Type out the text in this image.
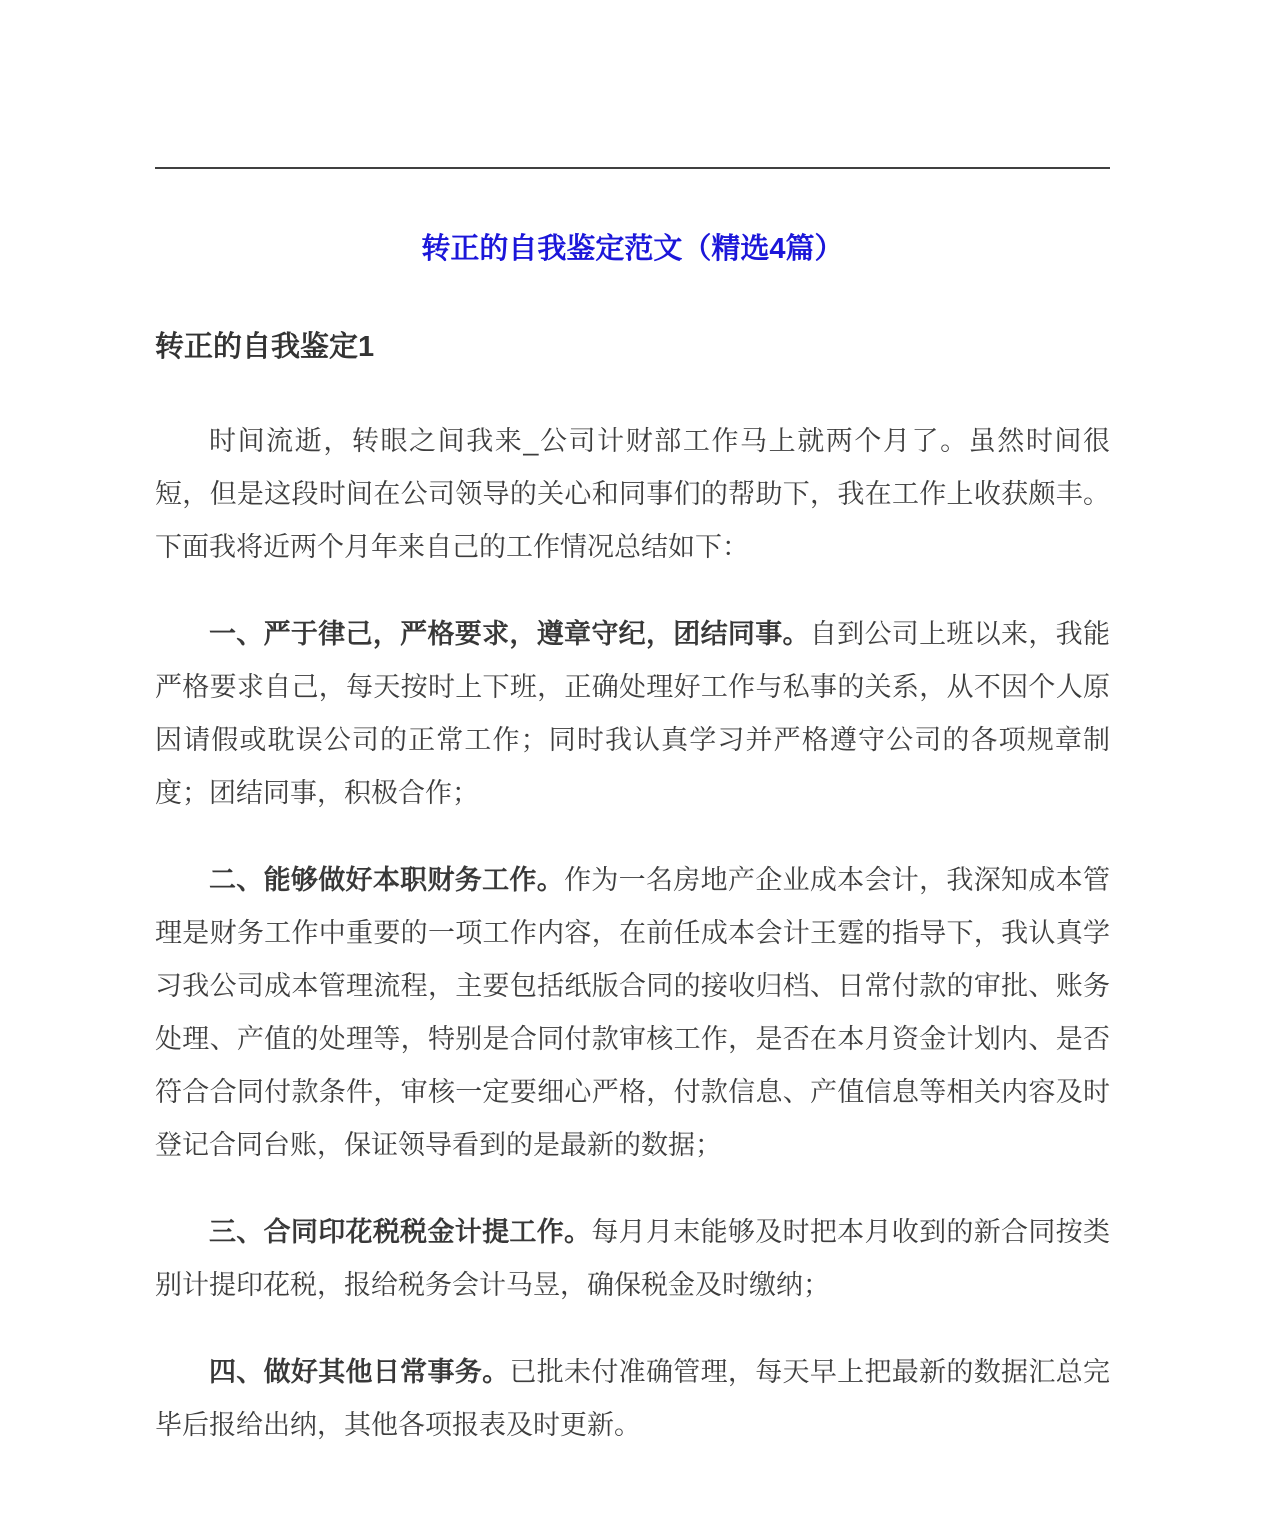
转正的自我鉴定范文（精选4篇）
转正的自我鉴定1

时间流逝，转眼之间我来_公司计财部工作马上就两个月了。虽然时间很短，但是这段时间在公司领导的关心和同事们的帮助下，我在工作上收获颇丰。下面我将近两个月年来自己的工作情况总结如下：

一、严于律己，严格要求，遵章守纪，团结同事。自到公司上班以来，我能严格要求自己，每天按时上下班，正确处理好工作与私事的关系，从不因个人原因请假或耽误公司的正常工作；同时我认真学习并严格遵守公司的各项规章制度；团结同事，积极合作；

二、能够做好本职财务工作。作为一名房地产企业成本会计，我深知成本管理是财务工作中重要的一项工作内容，在前任成本会计王霆的指导下，我认真学习我公司成本管理流程，主要包括纸版合同的接收归档、日常付款的审批、账务处理、产值的处理等，特别是合同付款审核工作，是否在本月资金计划内、是否符合合同付款条件，审核一定要细心严格，付款信息、产值信息等相关内容及时登记合同台账，保证领导看到的是最新的数据；

三、合同印花税税金计提工作。每月月末能够及时把本月收到的新合同按类别计提印花税，报给税务会计马昱，确保税金及时缴纳；

四、做好其他日常事务。已批未付准确管理，每天早上把最新的数据汇总完毕后报给出纳，其他各项报表及时更新。
